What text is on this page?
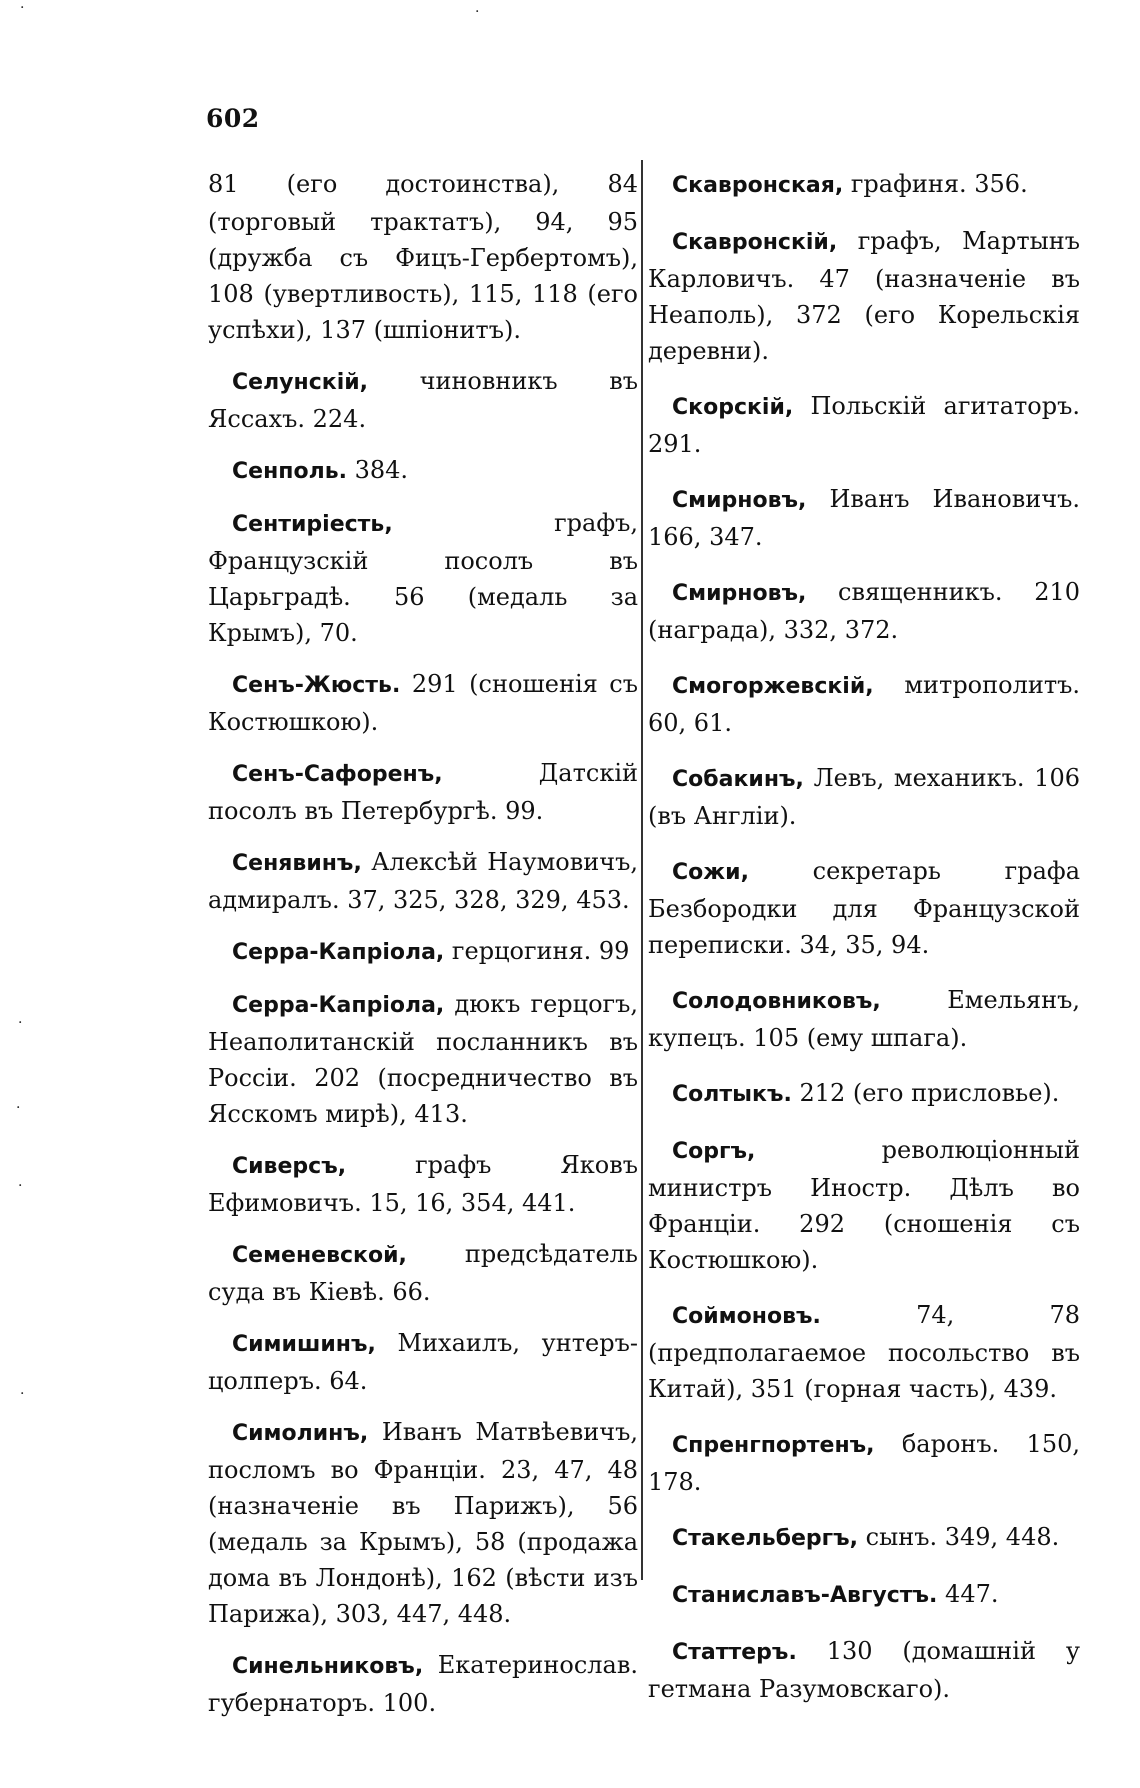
602
81 (его достоинства), 84 (торговый трактатъ), 94, 95 (дружба съ Фицъ-Гербертомъ), 108 (увертливость), 115, 118 (его успѣхи), 137 (шпіонитъ).
Селунскій, чиновникъ въ Яссахъ. 224.
Сенполь. 384.
Сентиріесть, графъ, Французскій посолъ въ Царьградѣ. 56 (медаль за Крымъ), 70.
Сенъ-Жюсть. 291 (сношенія съ Костюшкою).
Сенъ-Сафоренъ, Датскій посолъ въ Петербургѣ. 99.
Сенявинъ, Алексѣй Наумовичъ, адмиралъ. 37, 325, 328, 329, 453.
Серра-Капріола, герцогиня. 99
Серра-Капріола, дюкъ герцогъ, Неаполитанскій посланникъ въ Россіи. 202 (посредничество въ Ясскомъ мирѣ), 413.
Сиверсъ, графъ Яковъ Ефимовичъ. 15, 16, 354, 441.
Семеневской, предсѣдатель суда въ Кіевѣ. 66.
Симишинъ, Михаилъ, унтеръ-цолперъ. 64.
Симолинъ, Иванъ Матвѣевичъ, посломъ во Франціи. 23, 47, 48 (назначеніе въ Парижъ), 56 (медаль за Крымъ), 58 (продажа дома въ Лондонѣ), 162 (вѣсти изъ Парижа), 303, 447, 448.
Синельниковъ, Екатеринослав. губернаторъ. 100.
Скавронская, графиня. 356.
Скавронскій, графъ, Мартынъ Карловичъ. 47 (назначеніе въ Неаполь), 372 (его Корельскія деревни).
Скорскій, Польскій агитаторъ. 291.
Смирновъ, Иванъ Ивановичъ. 166, 347.
Смирновъ, священникъ. 210 (награда), 332, 372.
Смогоржевскій, митрополитъ. 60, 61.
Собакинъ, Левъ, механикъ. 106 (въ Англіи).
Сожи, секретарь графа Безбородки для Французской переписки. 34, 35, 94.
Солодовниковъ, Емельянъ, купецъ. 105 (ему шпага).
Солтыкъ. 212 (его присловье).
Соргъ, революціонный министръ Иностр. Дѣлъ во Франціи. 292 (сношенія съ Костюшкою).
Соймоновъ. 74, 78 (предполагаемое посольство въ Китай), 351 (горная часть), 439.
Спренгпортенъ, баронъ. 150, 178.
Стакельбергъ, сынъ. 349, 448.
Станиславъ-Августъ. 447.
Статтеръ. 130 (домашній у гетмана Разумовскаго).
·	·
·
·
·
·
